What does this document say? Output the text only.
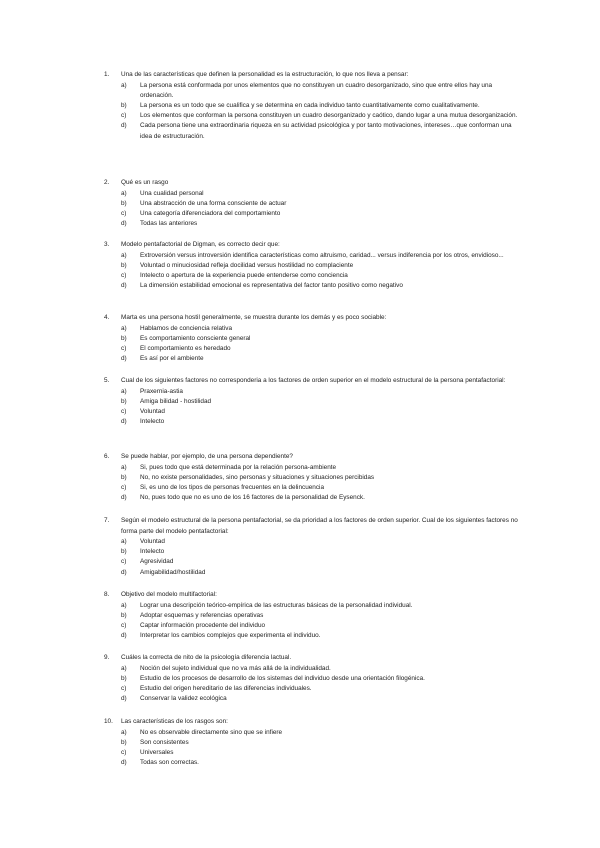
1.	Una de las características que definen la personalidad es la estructuración, lo que nos lleva a pensar:
a)	La persona está conformada por unos elementos que no constituyen un cuadro desorganizado, sino que entre ellos hay una ordenación.
b)	La persona es un todo que se cualifica y se determina en cada individuo tanto cuantitativamente como cualitativamente.
c)	Los elementos que conforman la persona constituyen un cuadro desorganizado y caótico, dando lugar a una mutua desorganización.
d)	Cada persona tiene una extraordinaria riqueza en su actividad psicológica y por tanto motivaciones, intereses…que conforman una idea de estructuración.
2.	Qué es un rasgo
a)	Una cualidad personal
b)	Una abstracción de una forma consciente de actuar
c)	Una categoría diferenciadora del comportamiento
d)	Todas las anteriores
3.	Modelo pentafactorial de Digman, es correcto decir que:
a)	Extroversión versus introversión identifica características como altruismo, caridad... versus indiferencia por los otros, envidioso...
b)	Voluntad o minuciosidad refleja docilidad versus hostilidad no complaciente
c)	Intelecto o apertura de la experiencia puede entenderse como conciencia
d)	La dimensión estabilidad emocional es representativa del factor tanto positivo como negativo
4.	Marta es una persona hostil generalmente, se muestra durante los demás y es poco sociable:
a)	Hablamos de conciencia relativa
b)	Es comportamiento consciente general
c)	El comportamiento es heredado
d)	Es así por el ambiente
5.	Cual de los siguientes factores no corresponderia a los factores de orden superior en el modelo estructural de la persona pentafactorial:
a)	Praxernia-astia
b)	Amiga bilidad - hostilidad
c)	Voluntad
d)	Intelecto
6.	Se puede hablar, por ejemplo, de una persona dependiente?
a)	Si, pues todo que está determinada por la relación persona-ambiente
b)	No, no existe personalidades, sino personas y situaciones y situaciones percibidas
c)	Si, es uno de los tipos de personas frecuentes en la delincuencia
d)	No, pues todo que no es uno de los 16 factores de la personalidad de Eysenck.
7.	Según el modelo estructural de la persona pentafactorial, se da prioridad a los factores de orden superior. Cual de los siguientes factores no forma parte del modelo pentafactorial:
a)	Voluntad
b)	Intelecto
c)	Agresividad
d)	Amigabilidad/hostilidad
8.	Objetivo del modelo multifactorial:
a)	Lograr una descripción teórico-empírica de las estructuras básicas de la personalidad individual.
b)	Adoptar esquemas y referencias operativas
c)	Captar información procedente del individuo
d)	Interpretar los cambios complejos que experimenta el individuo.
9.	Cuáles la correcta de nito de la psicología diferencia lactual.
a)	Noción del sujeto individual que no va más allá de la individualidad.
b)	Estudio de los procesos de desarrollo de los sistemas del individuo desde una orientación filogénica.
c)	Estudio del origen hereditario de las diferencias individuales.
d)	Conservar la validez ecológica
10.	Las características de los rasgos son:
a)	No es observable directamente sino que se infiere
b)	Son consistentes
c)	Universales
d)	Todas son correctas.
